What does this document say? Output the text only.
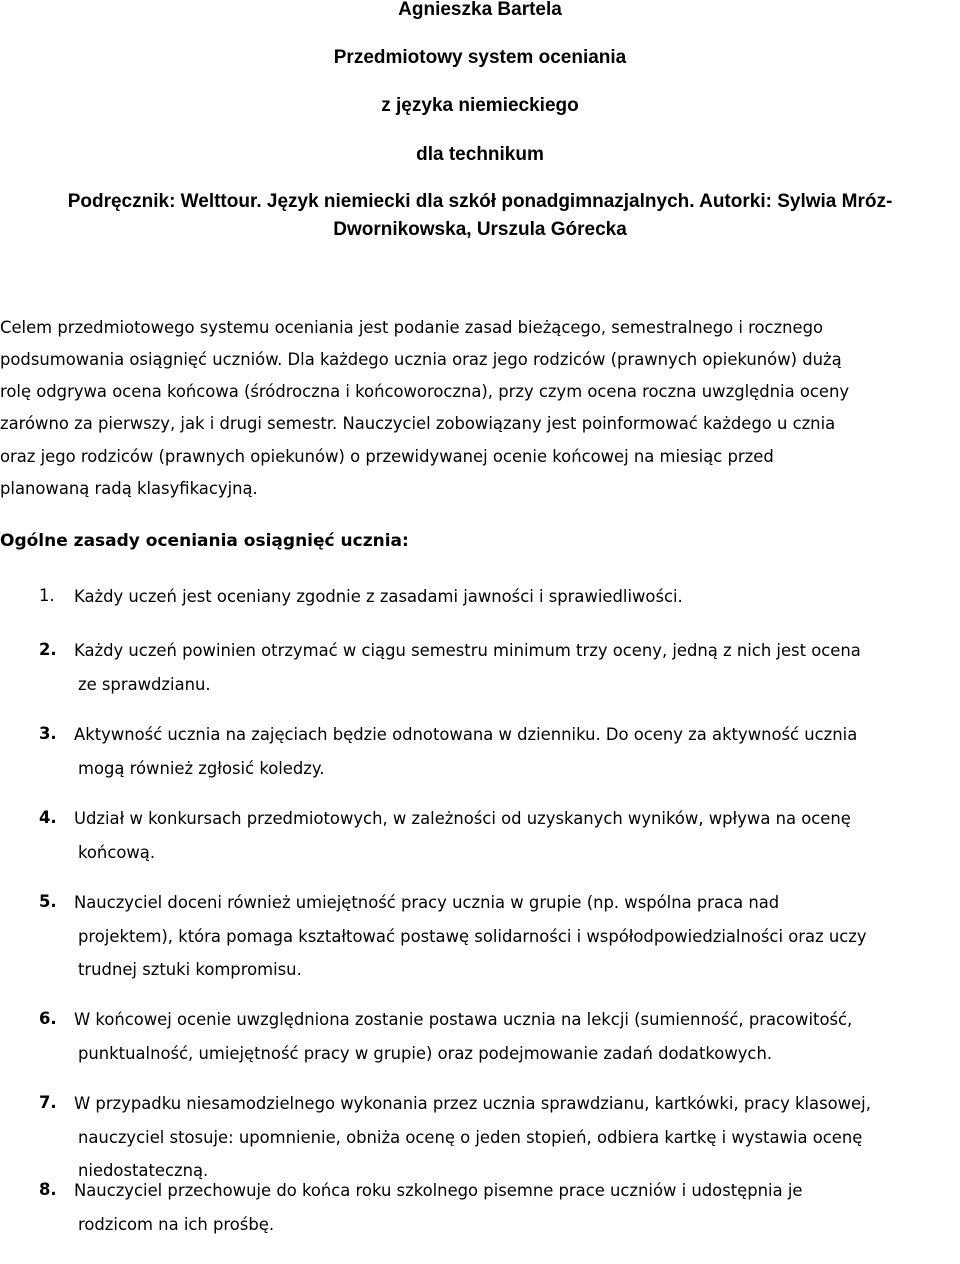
Agnieszka Bartela
Przedmiotowy system oceniania
z języka niemieckiego
dla technikum
Podręcznik: Welttour. Język niemiecki dla szkół ponadgimnazjalnych. Autorki: Sylwia Mróz-
Dwornikowska, Urszula Górecka
Celem przedmiotowego systemu oceniania jest podanie zasad bieżącego, semestralnego i rocznego
podsumowania osiągnięć uczniów. Dla każdego ucznia oraz jego rodziców (prawnych opiekunów) dużą
rolę odgrywa ocena końcowa (śródroczna i końcoworoczna), przy czym ocena roczna uwzględnia oceny
zarówno za pierwszy, jak i drugi semestr. Nauczyciel zobowiązany jest poinformować każdego u cznia
oraz jego rodziców (prawnych opiekunów) o przewidywanej ocenie końcowej na miesiąc przed
planowaną radą klasyfikacyjną.
Ogólne zasady oceniania osiągnięć ucznia:
1. Każdy uczeń jest oceniany zgodnie z zasadami jawności i sprawiedliwości.
2. Każdy uczeń powinien otrzymać w ciągu semestru minimum trzy oceny, jedną z nich jest ocena
ze sprawdzianu.
3. Aktywność ucznia na zajęciach będzie odnotowana w dzienniku. Do oceny za aktywność ucznia
mogą również zgłosić koledzy.
4. Udział w konkursach przedmiotowych, w zależności od uzyskanych wyników, wpływa na ocenę
końcową.
5. Nauczyciel doceni również umiejętność pracy ucznia w grupie (np. wspólna praca nad
projektem), która pomaga kształtować postawę solidarności i współodpowiedzialności oraz uczy
trudnej sztuki kompromisu.
6. W końcowej ocenie uwzględniona zostanie postawa ucznia na lekcji (sumienność, pracowitość,
punktualność, umiejętność pracy w grupie) oraz podejmowanie zadań dodatkowych.
7. W przypadku niesamodzielnego wykonania przez ucznia sprawdzianu, kartkówki, pracy klasowej,
nauczyciel stosuje: upomnienie, obniża ocenę o jeden stopień, odbiera kartkę i wystawia ocenę
niedostateczną.
8. Nauczyciel przechowuje do końca roku szkolnego pisemne prace uczniów i udostępnia je
rodzicom na ich prośbę.
